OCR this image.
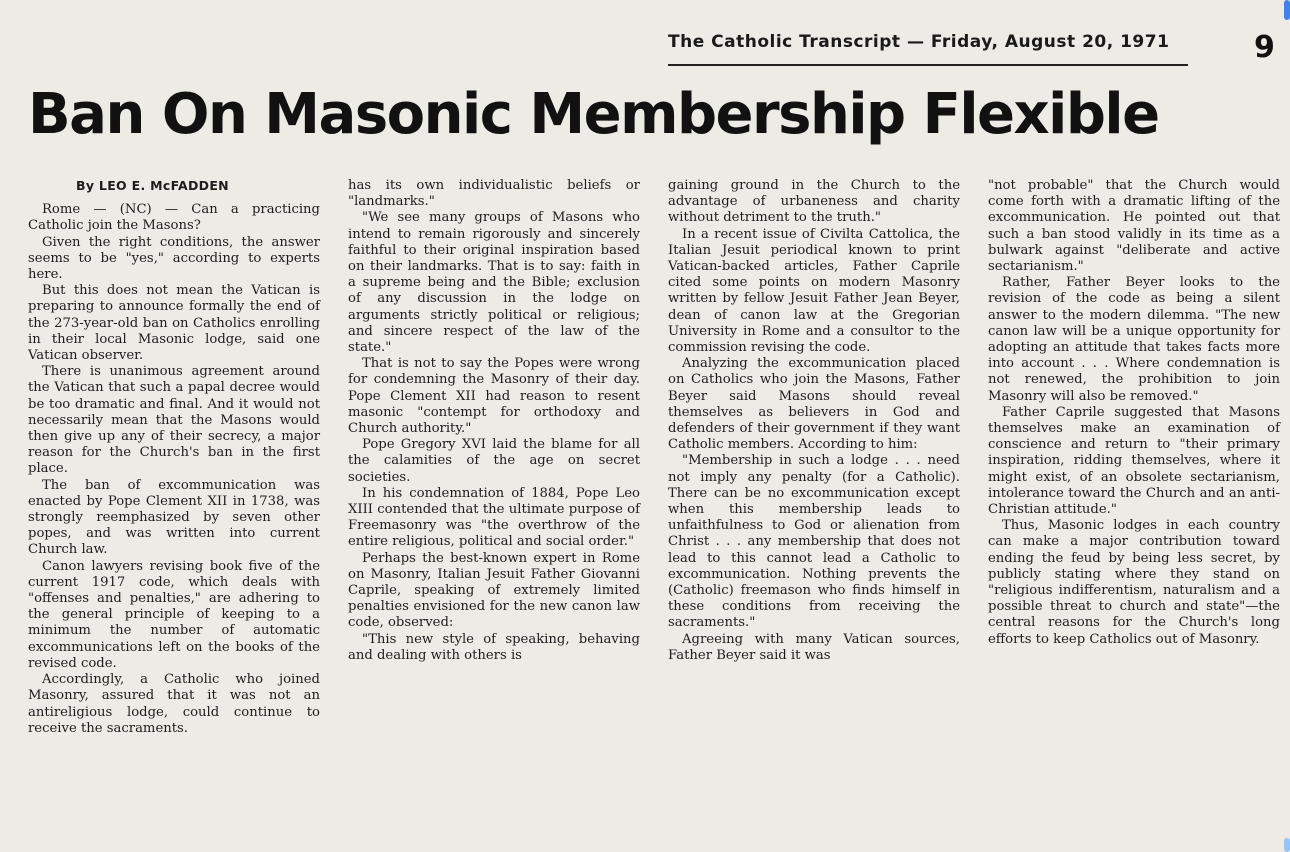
The Catholic Transcript — Friday, August 20, 1971	9
Ban On Masonic Membership Flexible
By LEO E. McFADDEN

Rome — (NC) — Can a practicing Catholic join the Masons?

Given the right conditions, the answer seems to be "yes," according to experts here.

But this does not mean the Vatican is preparing to announce formally the end of the 273-year-old ban on Catholics enrolling in their local Masonic lodge, said one Vatican observer.

There is unanimous agreement around the Vatican that such a papal decree would be too dramatic and final. And it would not necessarily mean that the Masons would then give up any of their secrecy, a major reason for the Church's ban in the first place.

The ban of excommunication was enacted by Pope Clement XII in 1738, was strongly reemphasized by seven other popes, and was written into current Church law.

Canon lawyers revising book five of the current 1917 code, which deals with "offenses and penalties," are adhering to the general principle of keeping to a minimum the number of automatic excommunications left on the books of the revised code.

Accordingly, a Catholic who joined Masonry, assured that it was not an antireligious lodge, could continue to receive the sacraments.

has its own individualistic beliefs or "landmarks."

"We see many groups of Masons who intend to remain rigorously and sincerely faithful to their original inspiration based on their landmarks. That is to say: faith in a supreme being and the Bible; exclusion of any discussion in the lodge on arguments strictly political or religious; and sincere respect of the law of the state."

That is not to say the Popes were wrong for condemning the Masonry of their day. Pope Clement XII had reason to resent masonic "contempt for orthodoxy and Church authority."

Pope Gregory XVI laid the blame for all the calamities of the age on secret societies.

In his condemnation of 1884, Pope Leo XIII contended that the ultimate purpose of Freemasonry was "the overthrow of the entire religious, political and social order."

Perhaps the best-known expert in Rome on Masonry, Italian Jesuit Father Giovanni Caprile, speaking of extremely limited penalties envisioned for the new canon law code, observed:

"This new style of speaking, behaving and dealing with others is

gaining ground in the Church to the advantage of urbaneness and charity without detriment to the truth."

In a recent issue of Civilta Cattolica, the Italian Jesuit periodical known to print Vatican-backed articles, Father Caprile cited some points on modern Masonry written by fellow Jesuit Father Jean Beyer, dean of canon law at the Gregorian University in Rome and a consultor to the commission revising the code.

Analyzing the excommunication placed on Catholics who join the Masons, Father Beyer said Masons should reveal themselves as believers in God and defenders of their government if they want Catholic members. According to him:

"Membership in such a lodge . . . need not imply any penalty (for a Catholic). There can be no excommunication except when this membership leads to unfaithfulness to God or alienation from Christ . . . any membership that does not lead to this cannot lead a Catholic to excommunication. Nothing prevents the (Catholic) freemason who finds himself in these conditions from receiving the sacraments."

Agreeing with many Vatican sources, Father Beyer said it was

"not probable" that the Church would come forth with a dramatic lifting of the excommunication. He pointed out that such a ban stood validly in its time as a bulwark against "deliberate and active sectarianism."

Rather, Father Beyer looks to the revision of the code as being a silent answer to the modern dilemma. "The new canon law will be a unique opportunity for adopting an attitude that takes facts more into account . . . Where condemnation is not renewed, the prohibition to join Masonry will also be removed."

Father Caprile suggested that Masons themselves make an examination of conscience and return to "their primary inspiration, ridding themselves, where it might exist, of an obsolete sectarianism, intolerance toward the Church and an anti-Christian attitude."

Thus, Masonic lodges in each country can make a major contribution toward ending the feud by being less secret, by publicly stating where they stand on "religious indifferentism, naturalism and a possible threat to church and state"—the central reasons for the Church's long efforts to keep Catholics out of Masonry.
